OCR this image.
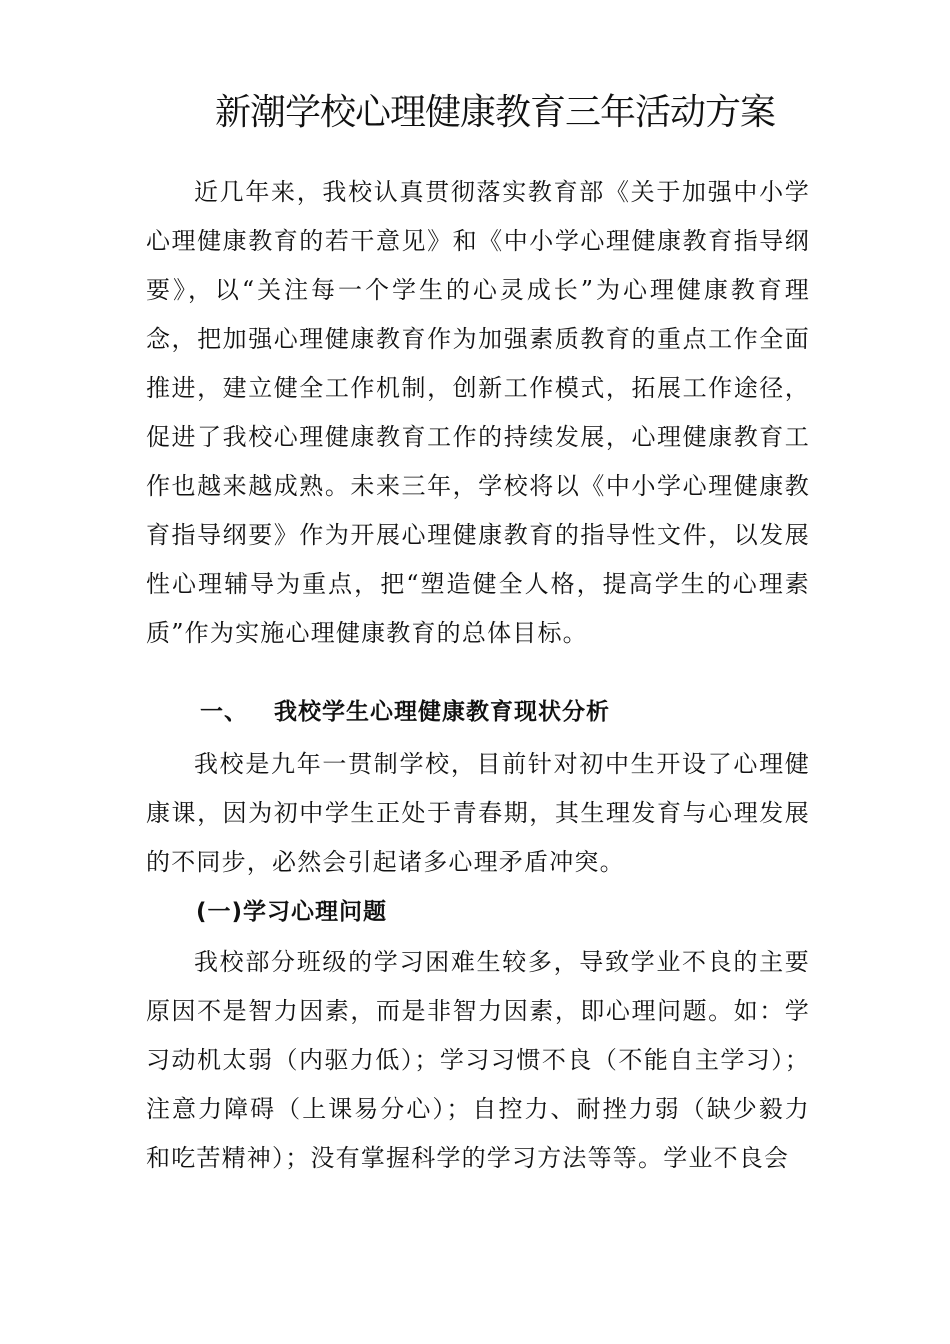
新潮学校心理健康教育三年活动方案

近几年来，我校认真贯彻落实教育部《关于加强中小学心理健康教育的若干意见》和《中小学心理健康教育指导纲要》，以“关注每一个学生的心灵成长”为心理健康教育理念，把加强心理健康教育作为加强素质教育的重点工作全面推进，建立健全工作机制，创新工作模式，拓展工作途径，促进了我校心理健康教育工作的持续发展，心理健康教育工作也越来越成熟。未来三年，学校将以《中小学心理健康教育指导纲要》作为开展心理健康教育的指导性文件，以发展性心理辅导为重点，把“塑造健全人格，提高学生的心理素质”作为实施心理健康教育的总体目标。

一、 我校学生心理健康教育现状分析

我校是九年一贯制学校，目前针对初中生开设了心理健康课，因为初中学生正处于青春期，其生理发育与心理发展的不同步，必然会引起诸多心理矛盾冲突。

(一)学习心理问题

我校部分班级的学习困难生较多，导致学业不良的主要原因不是智力因素，而是非智力因素，即心理问题。如：学习动机太弱（内驱力低）；学习习惯不良（不能自主学习）；注意力障碍（上课易分心）；自控力、耐挫力弱（缺少毅力和吃苦精神）；没有掌握科学的学习方法等等。学业不良会
